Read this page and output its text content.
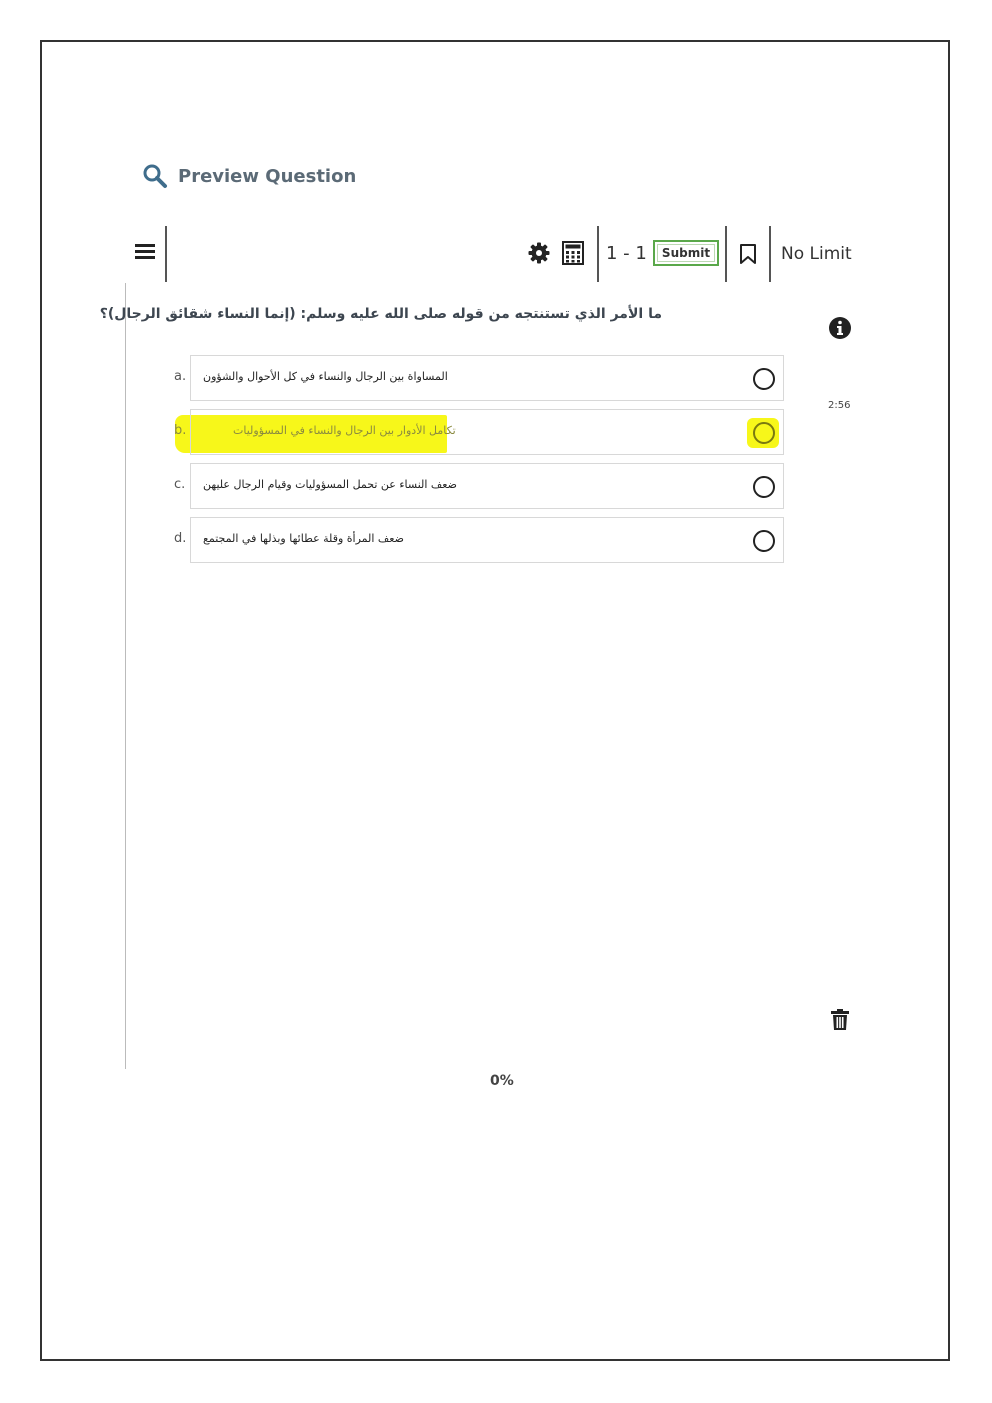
Preview Question
1 - 1	Submit	No Limit
ما الأمر الذي تستنتجه من قوله صلى الله عليه وسلم: (إنما النساء شقائق الرجال)؟
2:56
a. المساواة بين الرجال والنساء في كل الأحوال والشؤون
b.	تكامل الأدوار بين الرجال والنساء في المسؤوليات
c. ضعف النساء عن تحمل المسؤوليات وقيام الرجال عليهن
d. ضعف المرأة وقلة عطائها وبذلها في المجتمع
0%
